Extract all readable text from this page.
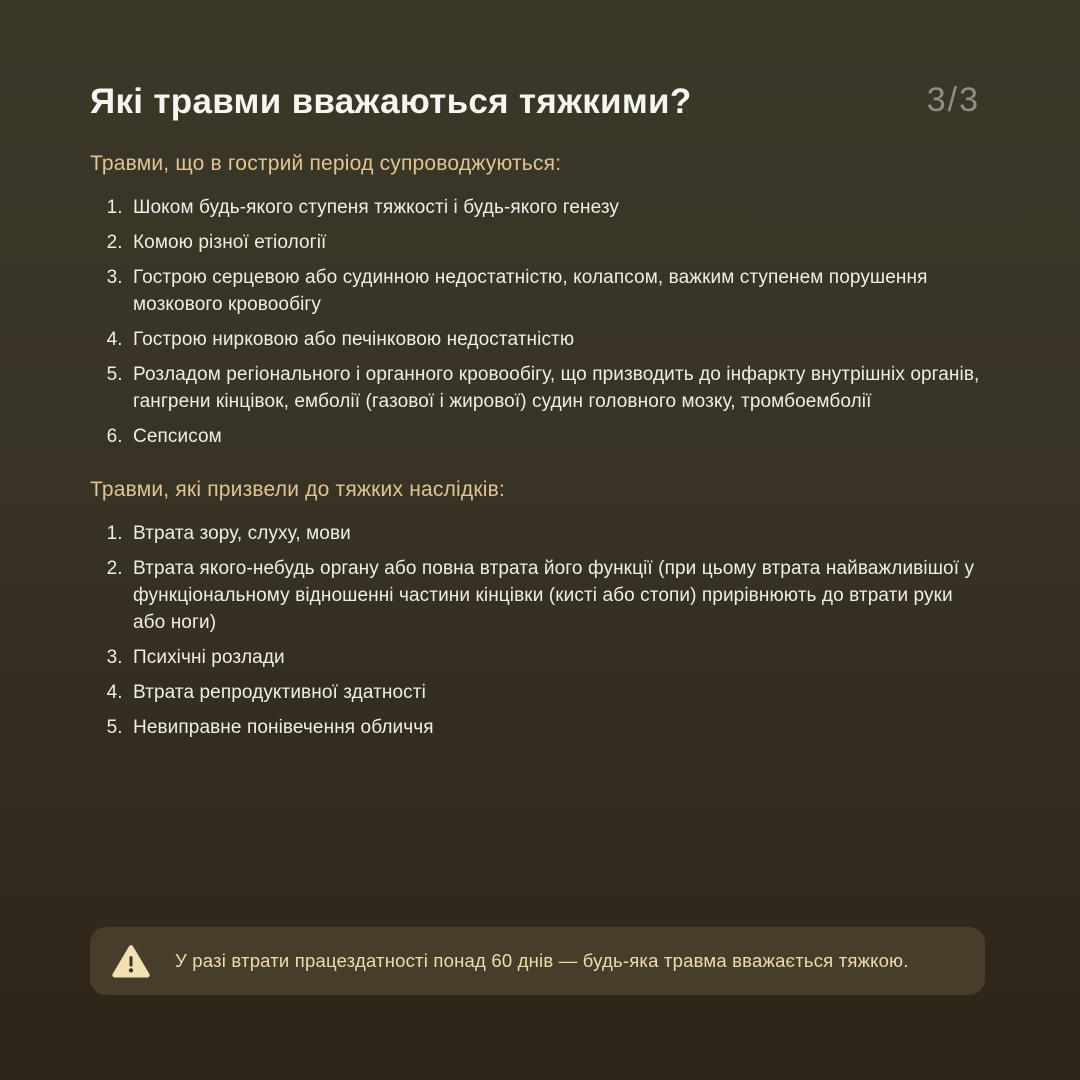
Які травми вважаються тяжкими?	3/3
Травми, що в гострий період супроводжуються:
1. Шоком будь-якого ступеня тяжкості і будь-якого генезу
2. Комою різної етіології
3. Гострою серцевою або судинною недостатністю, колапсом, важким ступенем порушення мозкового кровообігу
4. Гострою нирковою або печінковою недостатністю
5. Розладом регіонального і органного кровообігу, що призводить до інфаркту внутрішніх органів, гангрени кінцівок, емболії (газової і жирової) судин головного мозку, тромбоемболії
6. Сепсисом
Травми, які призвели до тяжких наслідків:
1. Втрата зору, слуху, мови
2. Втрата якого-небудь органу або повна втрата його функції (при цьому втрата найважливішої у функціональному відношенні частини кінцівки (кисті або стопи) прирівнюють до втрати руки або ноги)
3. Психічні розлади
4. Втрата репродуктивної здатності
5. Невиправне понівечення обличчя
У разі втрати працездатності понад 60 днів — будь-яка травма вважається тяжкою.
